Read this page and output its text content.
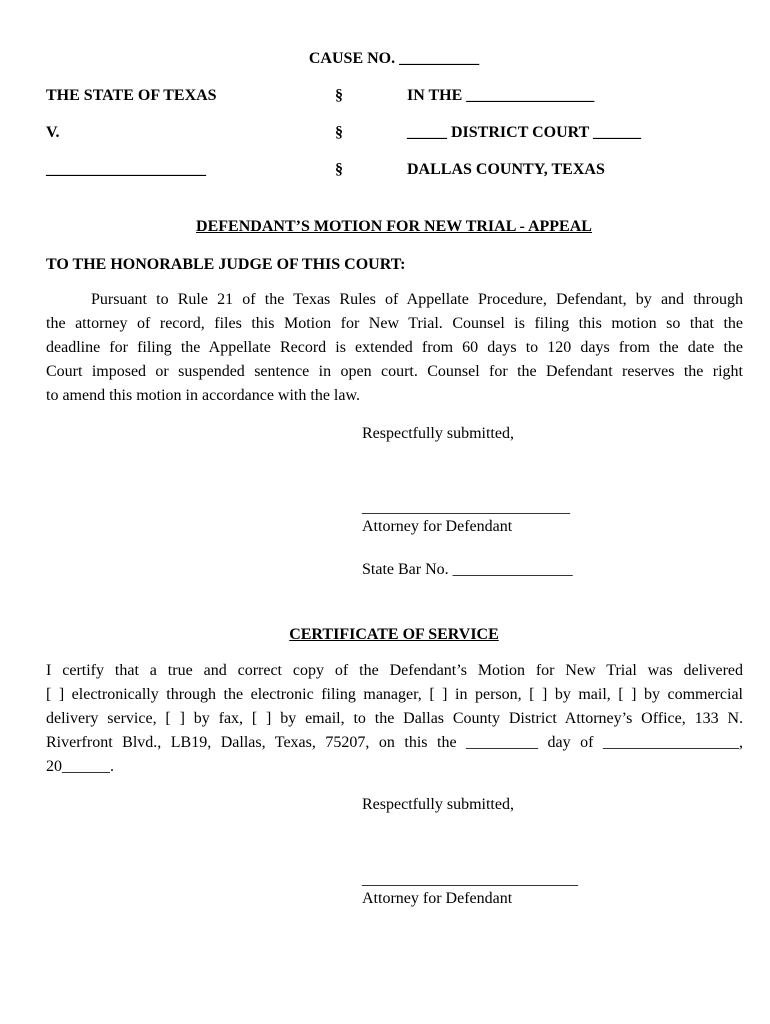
CAUSE NO. __________
THE STATE OF TEXAS	§	IN THE ________________
V.	§	_____ DISTRICT COURT ______
____________________	§	DALLAS COUNTY, TEXAS
DEFENDANT’S MOTION FOR NEW TRIAL - APPEAL
TO THE HONORABLE JUDGE OF THIS COURT:
Pursuant to Rule 21 of the Texas Rules of Appellate Procedure, Defendant, by and through
the attorney of record, files this Motion for New Trial. Counsel is filing this motion so that the
deadline for filing the Appellate Record is extended from 60 days to 120 days from the date the
Court imposed or suspended sentence in open court. Counsel for the Defendant reserves the right
to amend this motion in accordance with the law.
Respectfully submitted,
__________________________
Attorney for Defendant
State Bar No. _______________
CERTIFICATE OF SERVICE
I certify that a true and correct copy of the Defendant’s Motion for New Trial was delivered
[ ] electronically through the electronic filing manager, [ ] in person, [ ] by mail, [ ] by commercial
delivery service, [ ] by fax, [ ] by email, to the Dallas County District Attorney’s Office, 133 N.
Riverfront Blvd., LB19, Dallas, Texas, 75207, on this the _________ day of _________________,
20______.
Respectfully submitted,
___________________________
Attorney for Defendant
